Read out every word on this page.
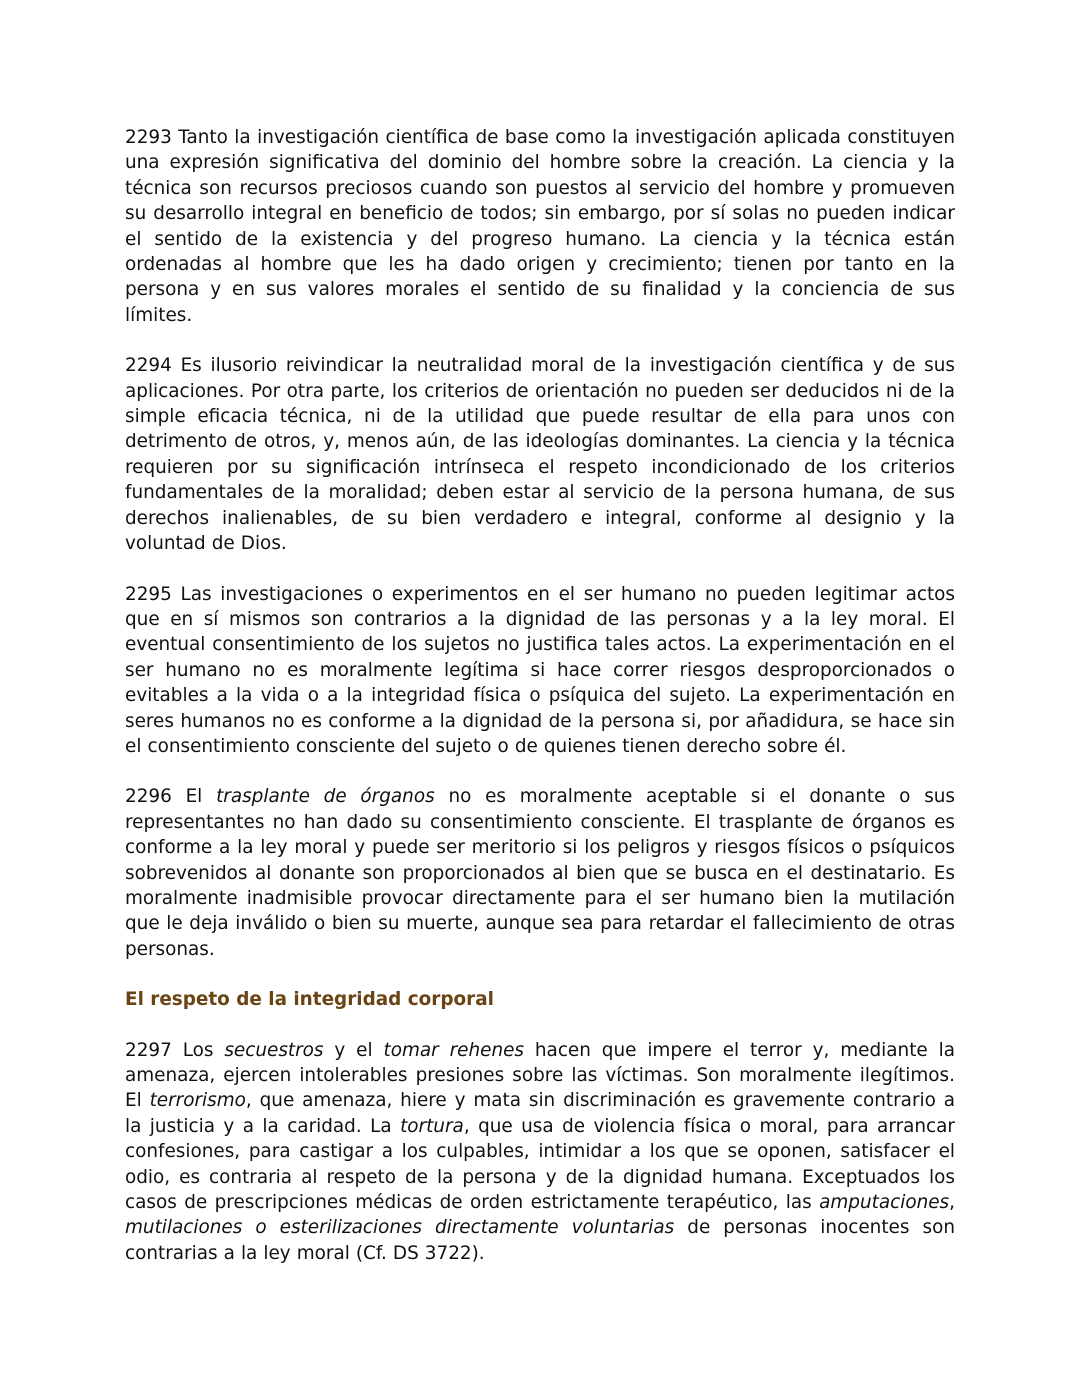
2293 Tanto la investigación científica de base como la investigación aplicada constituyen una expresión significativa del dominio del hombre sobre la creación. La ciencia y la técnica son recursos preciosos cuando son puestos al servicio del hombre y promueven su desarrollo integral en beneficio de todos; sin embargo, por sí solas no pueden indicar el sentido de la existencia y del progreso humano. La ciencia y la técnica están ordenadas al hombre que les ha dado origen y crecimiento; tienen por tanto en la persona y en sus valores morales el sentido de su finalidad y la conciencia de sus límites.

2294 Es ilusorio reivindicar la neutralidad moral de la investigación científica y de sus aplicaciones. Por otra parte, los criterios de orientación no pueden ser deducidos ni de la simple eficacia técnica, ni de la utilidad que puede resultar de ella para unos con detrimento de otros, y, menos aún, de las ideologías dominantes. La ciencia y la técnica requieren por su significación intrínseca el respeto incondicionado de los criterios fundamentales de la moralidad; deben estar al servicio de la persona humana, de sus derechos inalienables, de su bien verdadero e integral, conforme al designio y la voluntad de Dios.

2295 Las investigaciones o experimentos en el ser humano no pueden legitimar actos que en sí mismos son contrarios a la dignidad de las personas y a la ley moral. El eventual consentimiento de los sujetos no justifica tales actos. La experimentación en el ser humano no es moralmente legítima si hace correr riesgos desproporcionados o evitables a la vida o a la integridad física o psíquica del sujeto. La experimentación en seres humanos no es conforme a la dignidad de la persona si, por añadidura, se hace sin el consentimiento consciente del sujeto o de quienes tienen derecho sobre él.

2296 El trasplante de órganos no es moralmente aceptable si el donante o sus representantes no han dado su consentimiento consciente. El trasplante de órganos es conforme a la ley moral y puede ser meritorio si los peligros y riesgos físicos o psíquicos sobrevenidos al donante son proporcionados al bien que se busca en el destinatario. Es moralmente inadmisible provocar directamente para el ser humano bien la mutilación que le deja inválido o bien su muerte, aunque sea para retardar el fallecimiento de otras personas.

El respeto de la integridad corporal

2297 Los secuestros y el tomar rehenes hacen que impere el terror y, mediante la amenaza, ejercen intolerables presiones sobre las víctimas. Son moralmente ilegítimos. El terrorismo, que amenaza, hiere y mata sin discriminación es gravemente contrario a la justicia y a la caridad. La tortura, que usa de violencia física o moral, para arrancar confesiones, para castigar a los culpables, intimidar a los que se oponen, satisfacer el odio, es contraria al respeto de la persona y de la dignidad humana. Exceptuados los casos de prescripciones médicas de orden estrictamente terapéutico, las amputaciones, mutilaciones o esterilizaciones directamente voluntarias de personas inocentes son contrarias a la ley moral (Cf. DS 3722).
